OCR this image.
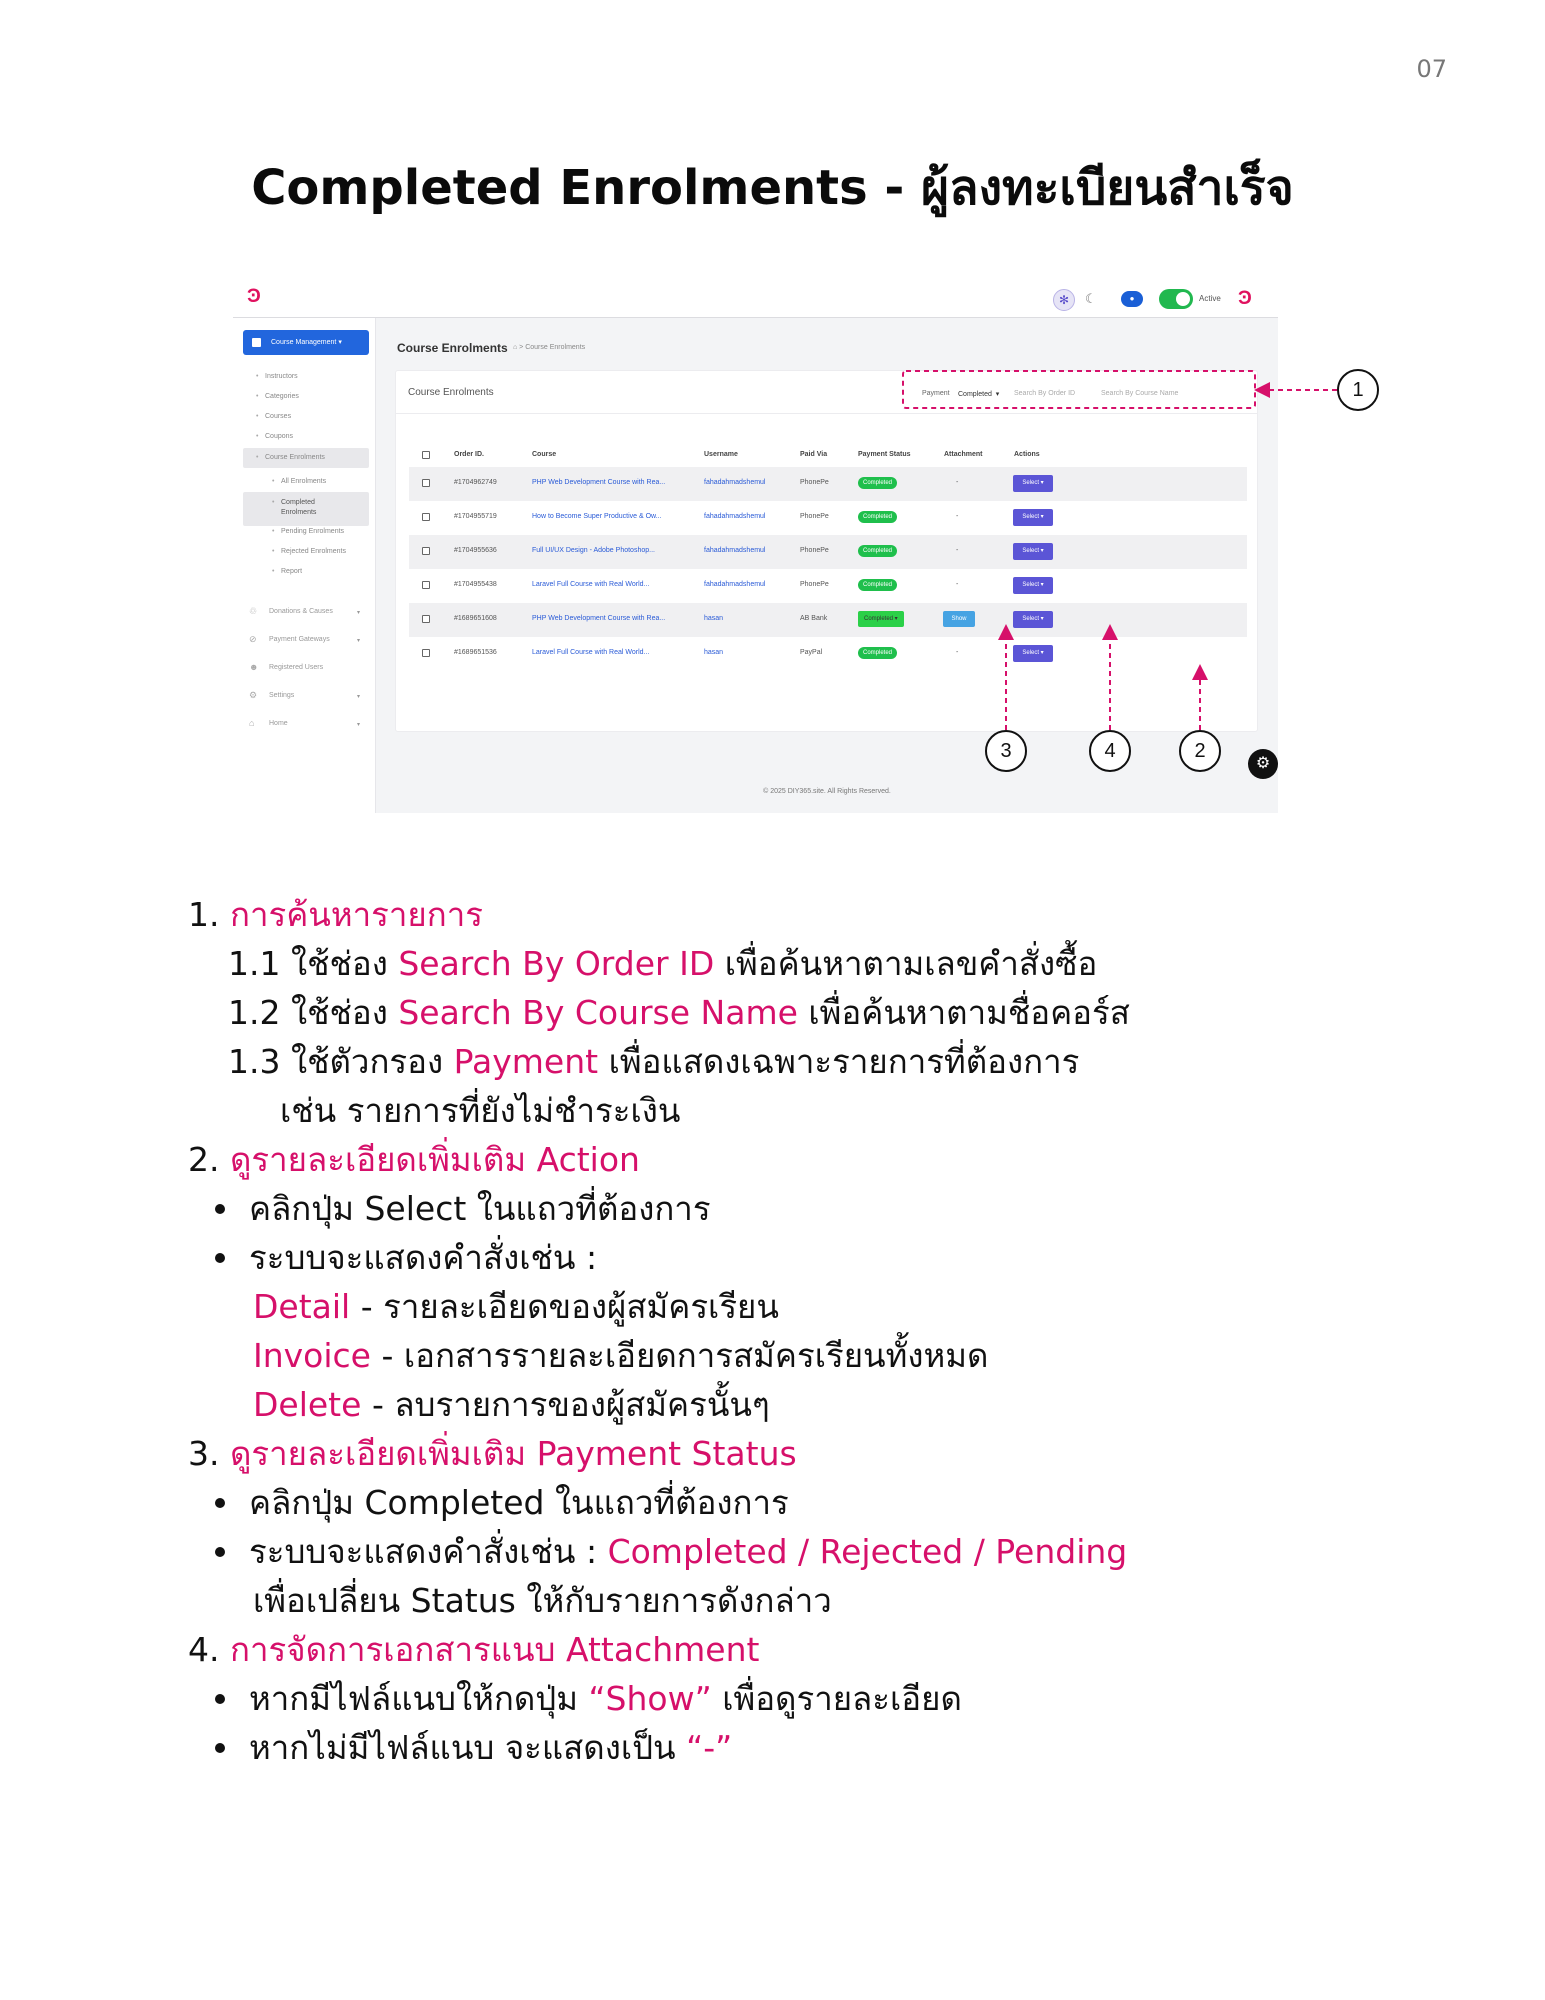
07
Completed Enrolments - ผู้ลงทะเบียนสำเร็จ
Ͽ	✻	☾	●	Active Ͽ
Course Management ▾
• Instructors
• Categories
• Courses
• Coupons
• Course Enrolments
• All Enrolments
• Completed Enrolments
• Pending Enrolments
• Rejected Enrolments
• Report
♲ Donations & Causes	▾
⊘ Payment Gateways	▾
☻ Registered Users
⚙ Settings	▾
⌂ Home	▾
Course Enrolments ⌂ > Course Enrolments
Course Enrolments	Payment Completed  ▾ Search By Order ID	Search By Course Name
Order ID.	Course	Username	Paid Via	Payment Status	Attachment	Actions
#1704962749	PHP Web Development Course with Rea...	fahadahmadshemul	PhonePe	Completed	-	Select ▾
#1704955719	How to Become Super Productive & Ow...	fahadahmadshemul	PhonePe	Completed	-	Select ▾
#1704955636	Full UI/UX Design - Adobe Photoshop...	fahadahmadshemul	PhonePe	Completed	-	Select ▾
#1704955438	Laravel Full Course with Real World...	fahadahmadshemul	PhonePe	Completed	-	Select ▾
#1689651608	PHP Web Development Course with Rea...	hasan	AB Bank	Completed ▾	Show	Select ▾
#1689651536	Laravel Full Course with Real World...	hasan	PayPal	Completed	-	Select ▾
⚙
© 2025 DIY365.site. All Rights Reserved.
1
2
3	4
1. การค้นหารายการ
1.1 ใช้ช่อง Search By Order ID เพื่อค้นหาตามเลขคำสั่งซื้อ
1.2 ใช้ช่อง Search By Course Name เพื่อค้นหาตามชื่อคอร์ส
1.3 ใช้ตัวกรอง Payment เพื่อแสดงเฉพาะรายการที่ต้องการ
เช่น รายการที่ยังไม่ชำระเงิน
2. ดูรายละเอียดเพิ่มเติม Action
คลิกปุ่ม Select ในแถวที่ต้องการ
ระบบจะแสดงคำสั่งเช่น :
Detail - รายละเอียดของผู้สมัครเรียน
Invoice - เอกสารรายละเอียดการสมัครเรียนทั้งหมด
Delete - ลบรายการของผู้สมัครนั้นๆ
3. ดูรายละเอียดเพิ่มเติม Payment Status
คลิกปุ่ม Completed ในแถวที่ต้องการ
ระบบจะแสดงคำสั่งเช่น : Completed / Rejected / Pending
เพื่อเปลี่ยน Status ให้กับรายการดังกล่าว
4. การจัดการเอกสารแนบ Attachment
หากมีไฟล์แนบให้กดปุ่ม “Show” เพื่อดูรายละเอียด
หากไม่มีไฟล์แนบ จะแสดงเป็น “-”
